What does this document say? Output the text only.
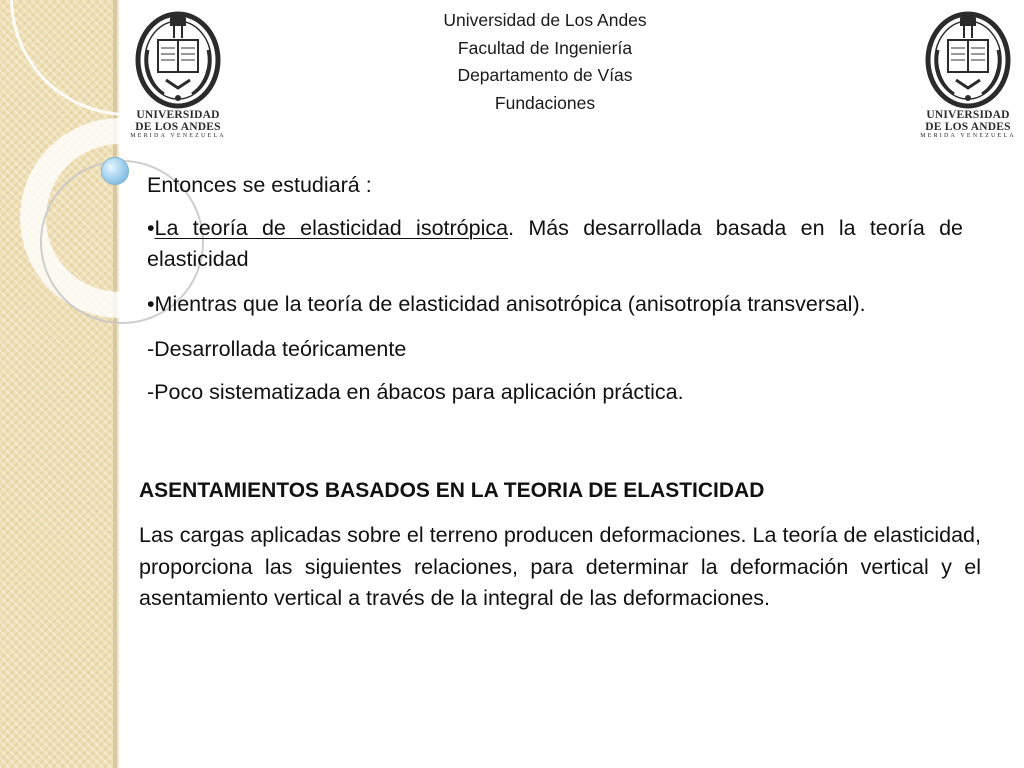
UNIVERSIDAD
DE LOS ANDES
MERIDA VENEZUELA
UNIVERSIDAD
DE LOS ANDES
MERIDA VENEZUELA
Universidad de Los Andes
Facultad de Ingeniería
Departamento de Vías
Fundaciones

Entonces se estudiará :

•La teoría de elasticidad isotrópica. Más desarrollada basada en la teoría de elasticidad

•Mientras que la teoría de elasticidad anisotrópica (anisotropía transversal).

-Desarrollada teóricamente

-Poco sistematizada en ábacos para aplicación práctica.

ASENTAMIENTOS BASADOS EN LA TEORIA DE ELASTICIDAD

Las cargas aplicadas sobre el terreno producen deformaciones. La teoría de elasticidad, proporciona las siguientes relaciones, para determinar la deformación vertical y el asentamiento vertical a través de la integral de las deformaciones.
